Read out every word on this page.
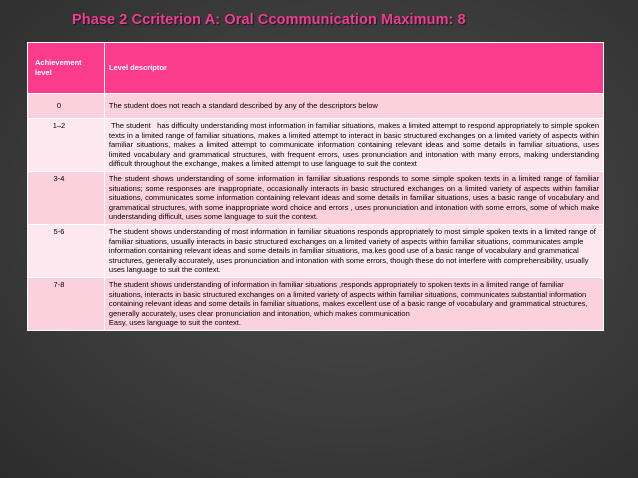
Phase 2 Ccriterion A: Oral Ccommunication Maximum: 8
Achievement level	Level descriptor
0	The student does not reach a standard described by any of the descriptors below
1–2	The student   has difficulty understanding most information in familiar situations, makes a limited attempt to respond appropriately to simple spoken texts in a limited range of familiar situations, makes a limited attempt to interact in basic structured exchanges on a limited variety of aspects within familiar situations, makes a limited attempt to communicate information containing relevant ideas and some details in familiar situations, uses limited vocabulary and grammatical structures, with frequent errors, uses pronunciation and intonation with many errors, making understanding difficult throughout the exchange, makes a limited attempt to use language to suit the context
3-4	The student shows understanding of some information in familiar situations responds to some simple spoken texts in a limited range of familiar situations; some responses are inappropriate, occasionally interacts in basic structured exchanges on a limited variety of aspects within familiar situations, communicates some information containing relevant ideas and some details in familiar situations, uses a basic range of vocabulary and grammatical structures, with some inappropriate word choice and errors , uses pronunciation and intonation with some errors, some of which make understanding difficult, uses some language to suit the context.
5-6	The student shows understanding of most information in familiar situations responds appropriately to most simple spoken texts in a limited range of familiar situations, usually interacts in basic structured exchanges on a limited variety of aspects within familiar situations, communicates ample information containing relevant ideas and some details in familiar situations, ma.kes good use of a basic range of vocabulary and grammatical structures, generally accurately, uses pronunciation and intonation with some errors, though these do not interfere with comprehensibility, usually uses language to suit the context.
7-8	The student shows understanding of information in familiar situations ,responds appropriately to spoken texts in a limited range of familiar situations, interacts in basic structured exchanges on a limited variety of aspects within familiar situations, communicates substantial information containing relevant ideas and some details in familiar situations, makes excellent use of a basic range of vocabulary and grammatical structures, generally accurately, uses clear pronunciation and intonation, which makes communication
Easy, uses language to suit the context.
